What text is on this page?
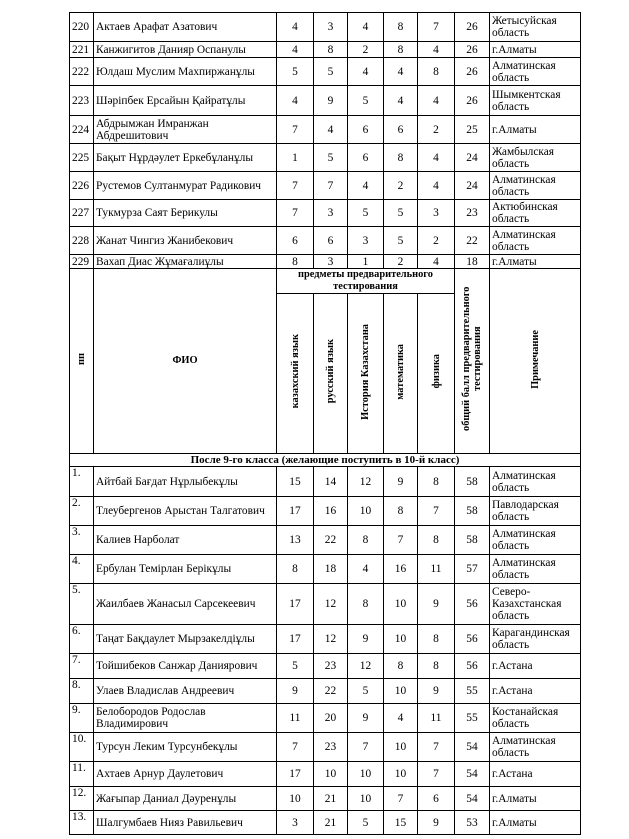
220	Актаев Арафат Азатович	4	3	4	8	7	26	Жетысуйская область
221	Канжигитов Данияр Оспанулы	4	8	2	8	4	26	г.Алматы
222	Юлдаш Муслим Махпиржанұлы	5	5	4	4	8	26	Алматинская область
223	Шәріпбек Ерсайын Қайратұлы	4	9	5	4	4	26	Шымкентская область
224	Абдрымжан Имранжан Абдрешитович	7	4	6	6	2	25	г.Алматы
225	Бақыт Нұрдәулет Еркебұланұлы	1	5	6	8	4	24	Жамбылская область
226	Рустемов Султанмурат Радикович	7	7	4	2	4	24	Алматинская область
227	Тукмурза Саят Берикулы	7	3	5	5	3	23	Актюбинская область
228	Жанат Чингиз Жанибекович	6	6	3	5	2	22	Алматинская область
229	Вахап Диас Жұмағалиұлы	8	3	1	2	4	18	г.Алматы
пп	ФИО	предметы предварительного тестирования					общий балл предварительного тестирования	Примечание
		казахский язык	русский язык	История Казахстана	математика	физика		
После 9-го класса (желающие поступить в 10-й класс)								
1.	Айтбай Бағдат Нұрлыбекұлы	15	14	12	9	8	58	Алматинская область
2.	Тлеубергенов Арыстан Талгатович	17	16	10	8	7	58	Павлодарская область
3.	Калиев Нарболат	13	22	8	7	8	58	Алматинская область
4.	Ербулан Темірлан Берікұлы	8	18	4	16	11	57	Алматинская область
5.	Жаилбаев Жанасыл Сарсекеевич	17	12	8	10	9	56	Северо-Казахстанская область
6.	Таңат Бақдаулет Мырзакелдіұлы	17	12	9	10	8	56	Карагандинская область
7.	Тойшибеков Санжар Даниярович	5	23	12	8	8	56	г.Астана
8.	Улаев Владислав Андреевич	9	22	5	10	9	55	г.Астана
9.	Белобородов Родослав Владимирович	11	20	9	4	11	55	Костанайская область
10.	Турсун Леким Турсунбекұлы	7	23	7	10	7	54	Алматинская область
11.	Ахтаев Арнур Даулетович	17	10	10	10	7	54	г.Астана
12.	Жағыпар Даниал Дәуренұлы	10	21	10	7	6	54	г.Алматы
13.	Шалгумбаев Нияз Равильевич	3	21	5	15	9	53	г.Алматы
